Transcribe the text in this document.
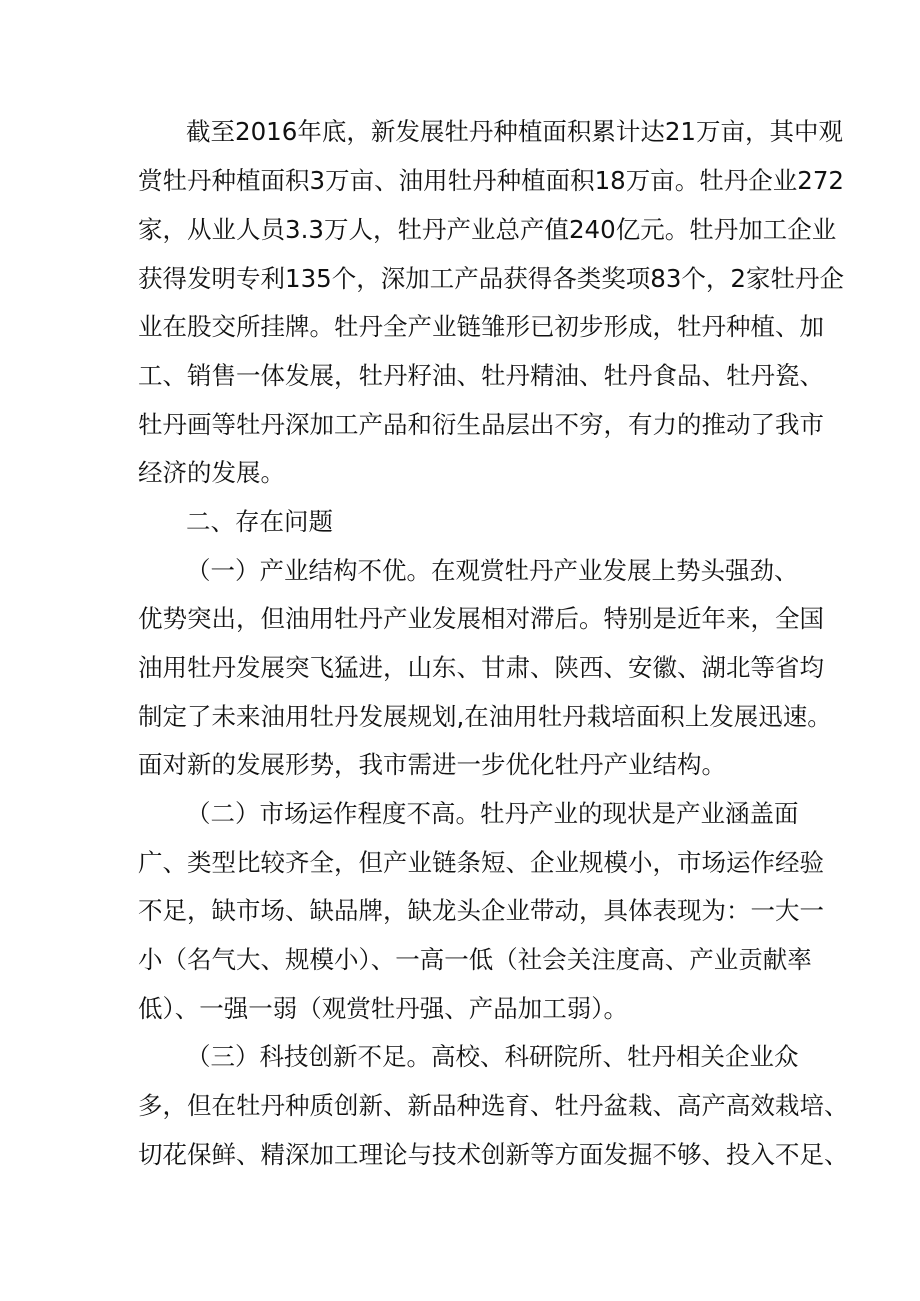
截至2016年底，新发展牡丹种植面积累计达21万亩，其中观
赏牡丹种植面积3万亩、油用牡丹种植面积18万亩。牡丹企业272
家，从业人员3.3万人，牡丹产业总产值240亿元。牡丹加工企业
获得发明专利135个，深加工产品获得各类奖项83个，2家牡丹企
业在股交所挂牌。牡丹全产业链雏形已初步形成，牡丹种植、加
工、销售一体发展，牡丹籽油、牡丹精油、牡丹食品、牡丹瓷、
牡丹画等牡丹深加工产品和衍生品层出不穷，有力的推动了我市
经济的发展。
二、存在问题
（一）产业结构不优。在观赏牡丹产业发展上势头强劲、
优势突出，但油用牡丹产业发展相对滞后。特别是近年来，全国
油用牡丹发展突飞猛进，山东、甘肃、陕西、安徽、湖北等省均
制定了未来油用牡丹发展规划,在油用牡丹栽培面积上发展迅速。
面对新的发展形势，我市需进一步优化牡丹产业结构。
（二）市场运作程度不高。牡丹产业的现状是产业涵盖面
广、类型比较齐全，但产业链条短、企业规模小，市场运作经验
不足，缺市场、缺品牌，缺龙头企业带动，具体表现为：一大一
小（名气大、规模小）、一高一低（社会关注度高、产业贡献率
低）、一强一弱（观赏牡丹强、产品加工弱）。
（三）科技创新不足。高校、科研院所、牡丹相关企业众
多，但在牡丹种质创新、新品种选育、牡丹盆栽、高产高效栽培、
切花保鲜、精深加工理论与技术创新等方面发掘不够、投入不足、
